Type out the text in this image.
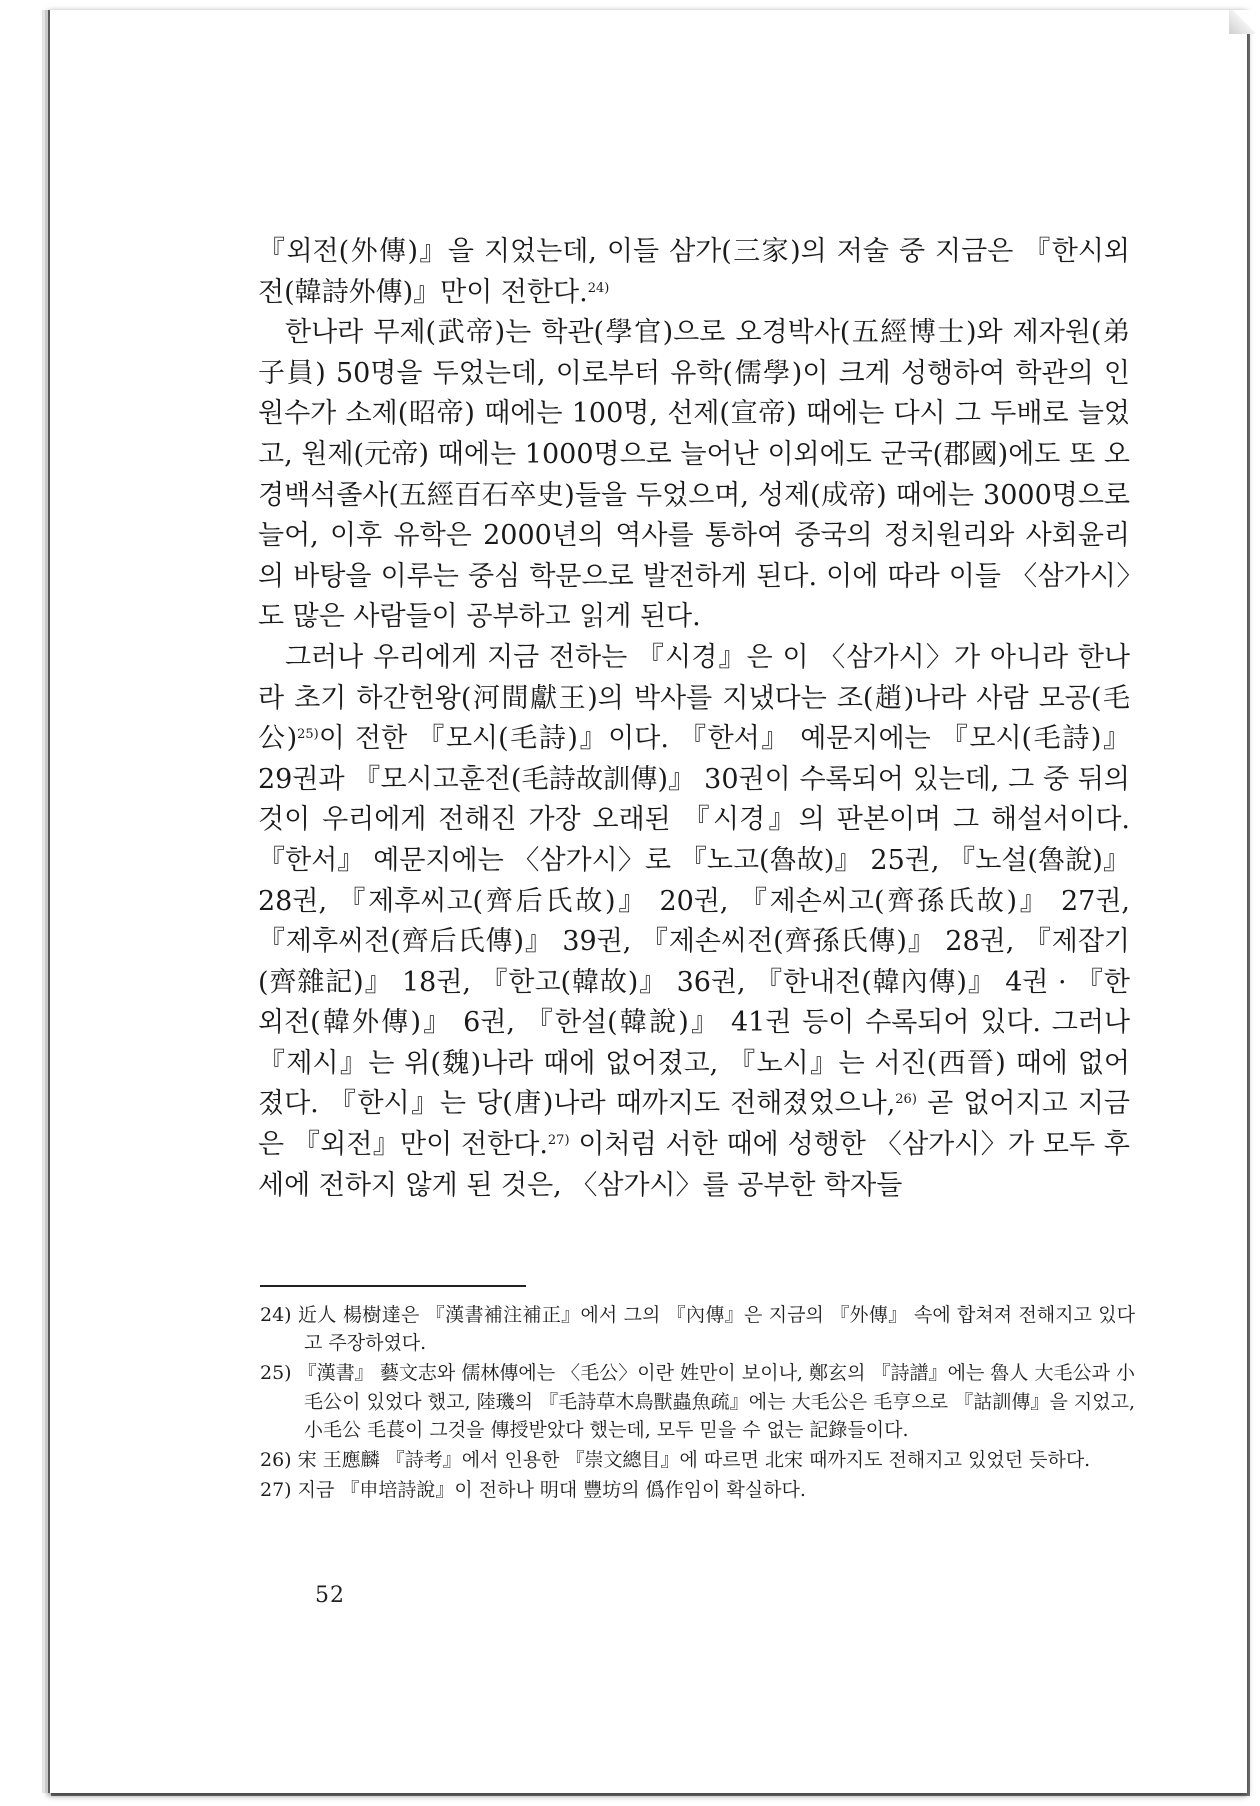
『외전(外傳)』을 지었는데, 이들 삼가(三家)의 저술 중 지금은 『한시외전(韓詩外傳)』만이 전한다.$^{24)}$

한나라 무제(武帝)는 학관(學官)으로 오경박사(五經博士)와 제자원(弟子員) 50명을 두었는데, 이로부터 유학(儒學)이 크게 성행하여 학관의 인원수가 소제(昭帝) 때에는 100명, 선제(宣帝) 때에는 다시 그 두배로 늘었고, 원제(元帝) 때에는 1000명으로 늘어난 이외에도 군국(郡國)에도 또 오경백석졸사(五經百石卒史)들을 두었으며, 성제(成帝) 때에는 3000명으로 늘어, 이후 유학은 2000년의 역사를 통하여 중국의 정치원리와 사회윤리의 바탕을 이루는 중심 학문으로 발전하게 된다. 이에 따라 이들 〈삼가시〉도 많은 사람들이 공부하고 읽게 된다.

그러나 우리에게 지금 전하는 『시경』은 이 〈삼가시〉가 아니라 한나라 초기 하간헌왕(河間獻王)의 박사를 지냈다는 조(趙)나라 사람 모공(毛公)$^{25)}$이 전한 『모시(毛詩)』이다. 『한서』 예문지에는 『모시(毛詩)』 29권과 『모시고훈전(毛詩故訓傳)』 30권이 수록되어 있는데, 그 중 뒤의 것이 우리에게 전해진 가장 오래된 『시경』의 판본이며 그 해설서이다. 『한서』 예문지에는 〈삼가시〉로 『노고(魯故)』 25권, 『노설(魯說)』 28권, 『제후씨고(齊后氏故)』 20권, 『제손씨고(齊孫氏故)』 27권, 『제후씨전(齊后氏傳)』 39권, 『제손씨전(齊孫氏傳)』 28권, 『제잡기(齊雜記)』 18권, 『한고(韓故)』 36권, 『한내전(韓內傳)』 4권 · 『한외전(韓外傳)』 6권, 『한설(韓說)』 41권 등이 수록되어 있다. 그러나 『제시』는 위(魏)나라 때에 없어졌고, 『노시』는 서진(西晉) 때에 없어졌다. 『한시』는 당(唐)나라 때까지도 전해졌었으나,$^{26)}$ 곧 없어지고 지금은 『외전』만이 전한다.$^{27)}$ 이처럼 서한 때에 성행한 〈삼가시〉가 모두 후세에 전하지 않게 된 것은, 〈삼가시〉를 공부한 학자들

24) 近人 楊樹達은 『漢書補注補正』에서 그의 『內傳』은 지금의 『外傳』 속에 합쳐져 전해지고 있다고 주장하였다.

25) 『漢書』 藝文志와 儒林傳에는 〈毛公〉이란 姓만이 보이나, 鄭玄의 『詩譜』에는 魯人 大毛公과 小毛公이 있었다 했고, 陸璣의 『毛詩草木鳥獸蟲魚疏』에는 大毛公은 毛亨으로 『詁訓傳』을 지었고, 小毛公 毛萇이 그것을 傳授받았다 했는데, 모두 믿을 수 없는 記錄들이다.

26) 宋 王應麟 『詩考』에서 인용한 『崇文總目』에 따르면 北宋 때까지도 전해지고 있었던 듯하다.

27) 지금 『申培詩說』이 전하나 明대 豐坊의 僞作임이 확실하다.

52
